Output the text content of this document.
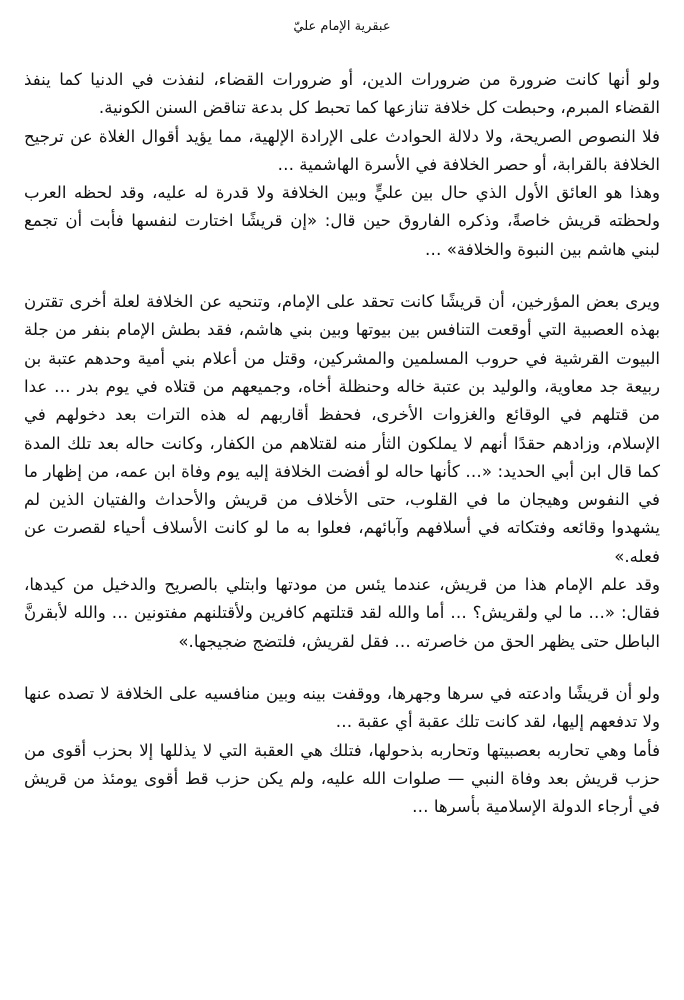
عبقرية الإمام عليّ

ولو أنها كانت ضرورة من ضرورات الدين، أو ضرورات القضاء، لنفذت في الدنيا كما ينفذ القضاء المبرم، وحبطت كل خلافة تنازعها كما تحبط كل بدعة تناقض السنن الكونية.

فلا النصوص الصريحة، ولا دلالة الحوادث على الإرادة الإلهية، مما يؤيد أقوال الغلاة عن ترجيح الخلافة بالقرابة، أو حصر الخلافة في الأسرة الهاشمية …

وهذا هو العائق الأول الذي حال بين عليٍّ وبين الخلافة ولا قدرة له عليه، وقد لحظه العرب ولحظته قريش خاصةً، وذكره الفاروق حين قال: «إن قريشًا اختارت لنفسها فأبت أن تجمع لبني هاشم بين النبوة والخلافة» …

ويرى بعض المؤرخين، أن قريشًا كانت تحقد على الإمام، وتنحيه عن الخلافة لعلة أخرى تقترن بهذه العصبية التي أوقعت التنافس بين بيوتها وبين بني هاشم، فقد بطش الإمام بنفر من جلة البيوت القرشية في حروب المسلمين والمشركين، وقتل من أعلام بني أمية وحدهم عتبة بن ربيعة جد معاوية، والوليد بن عتبة خاله وحنظلة أخاه، وجميعهم من قتلاه في يوم بدر … عدا من قتلهم في الوقائع والغزوات الأخرى، فحفظ أقاربهم له هذه الترات بعد دخولهم في الإسلام، وزادهم حقدًا أنهم لا يملكون الثأر منه لقتلاهم من الكفار، وكانت حاله بعد تلك المدة كما قال ابن أبي الحديد: «… كأنها حاله لو أفضت الخلافة إليه يوم وفاة ابن عمه، من إظهار ما في النفوس وهيجان ما في القلوب، حتى الأخلاف من قريش والأحداث والفتيان الذين لم يشهدوا وقائعه وفتكاته في أسلافهم وآبائهم، فعلوا به ما لو كانت الأسلاف أحياء لقصرت عن فعله.»

وقد علم الإمام هذا من قريش، عندما يئس من مودتها وابتلي بالصريح والدخيل من كيدها، فقال: «… ما لي ولقريش؟ … أما والله لقد قتلتهم كافرين ولأقتلنهم مفتونين … والله لأبقرنَّ الباطل حتى يظهر الحق من خاصرته … فقل لقريش، فلتضج ضجيجها.»

ولو أن قريشًا وادعته في سرها وجهرها، ووقفت بينه وبين منافسيه على الخلافة لا تصده عنها ولا تدفعهم إليها، لقد كانت تلك عقبة أي عقبة …

فأما وهي تحاربه بعصبيتها وتحاربه بذحولها، فتلك هي العقبة التي لا يذللها إلا بحزب أقوى من حزب قريش بعد وفاة النبي — صلوات الله عليه، ولم يكن حزب قط أقوى يومئذ من قريش في أرجاء الدولة الإسلامية بأسرها …
